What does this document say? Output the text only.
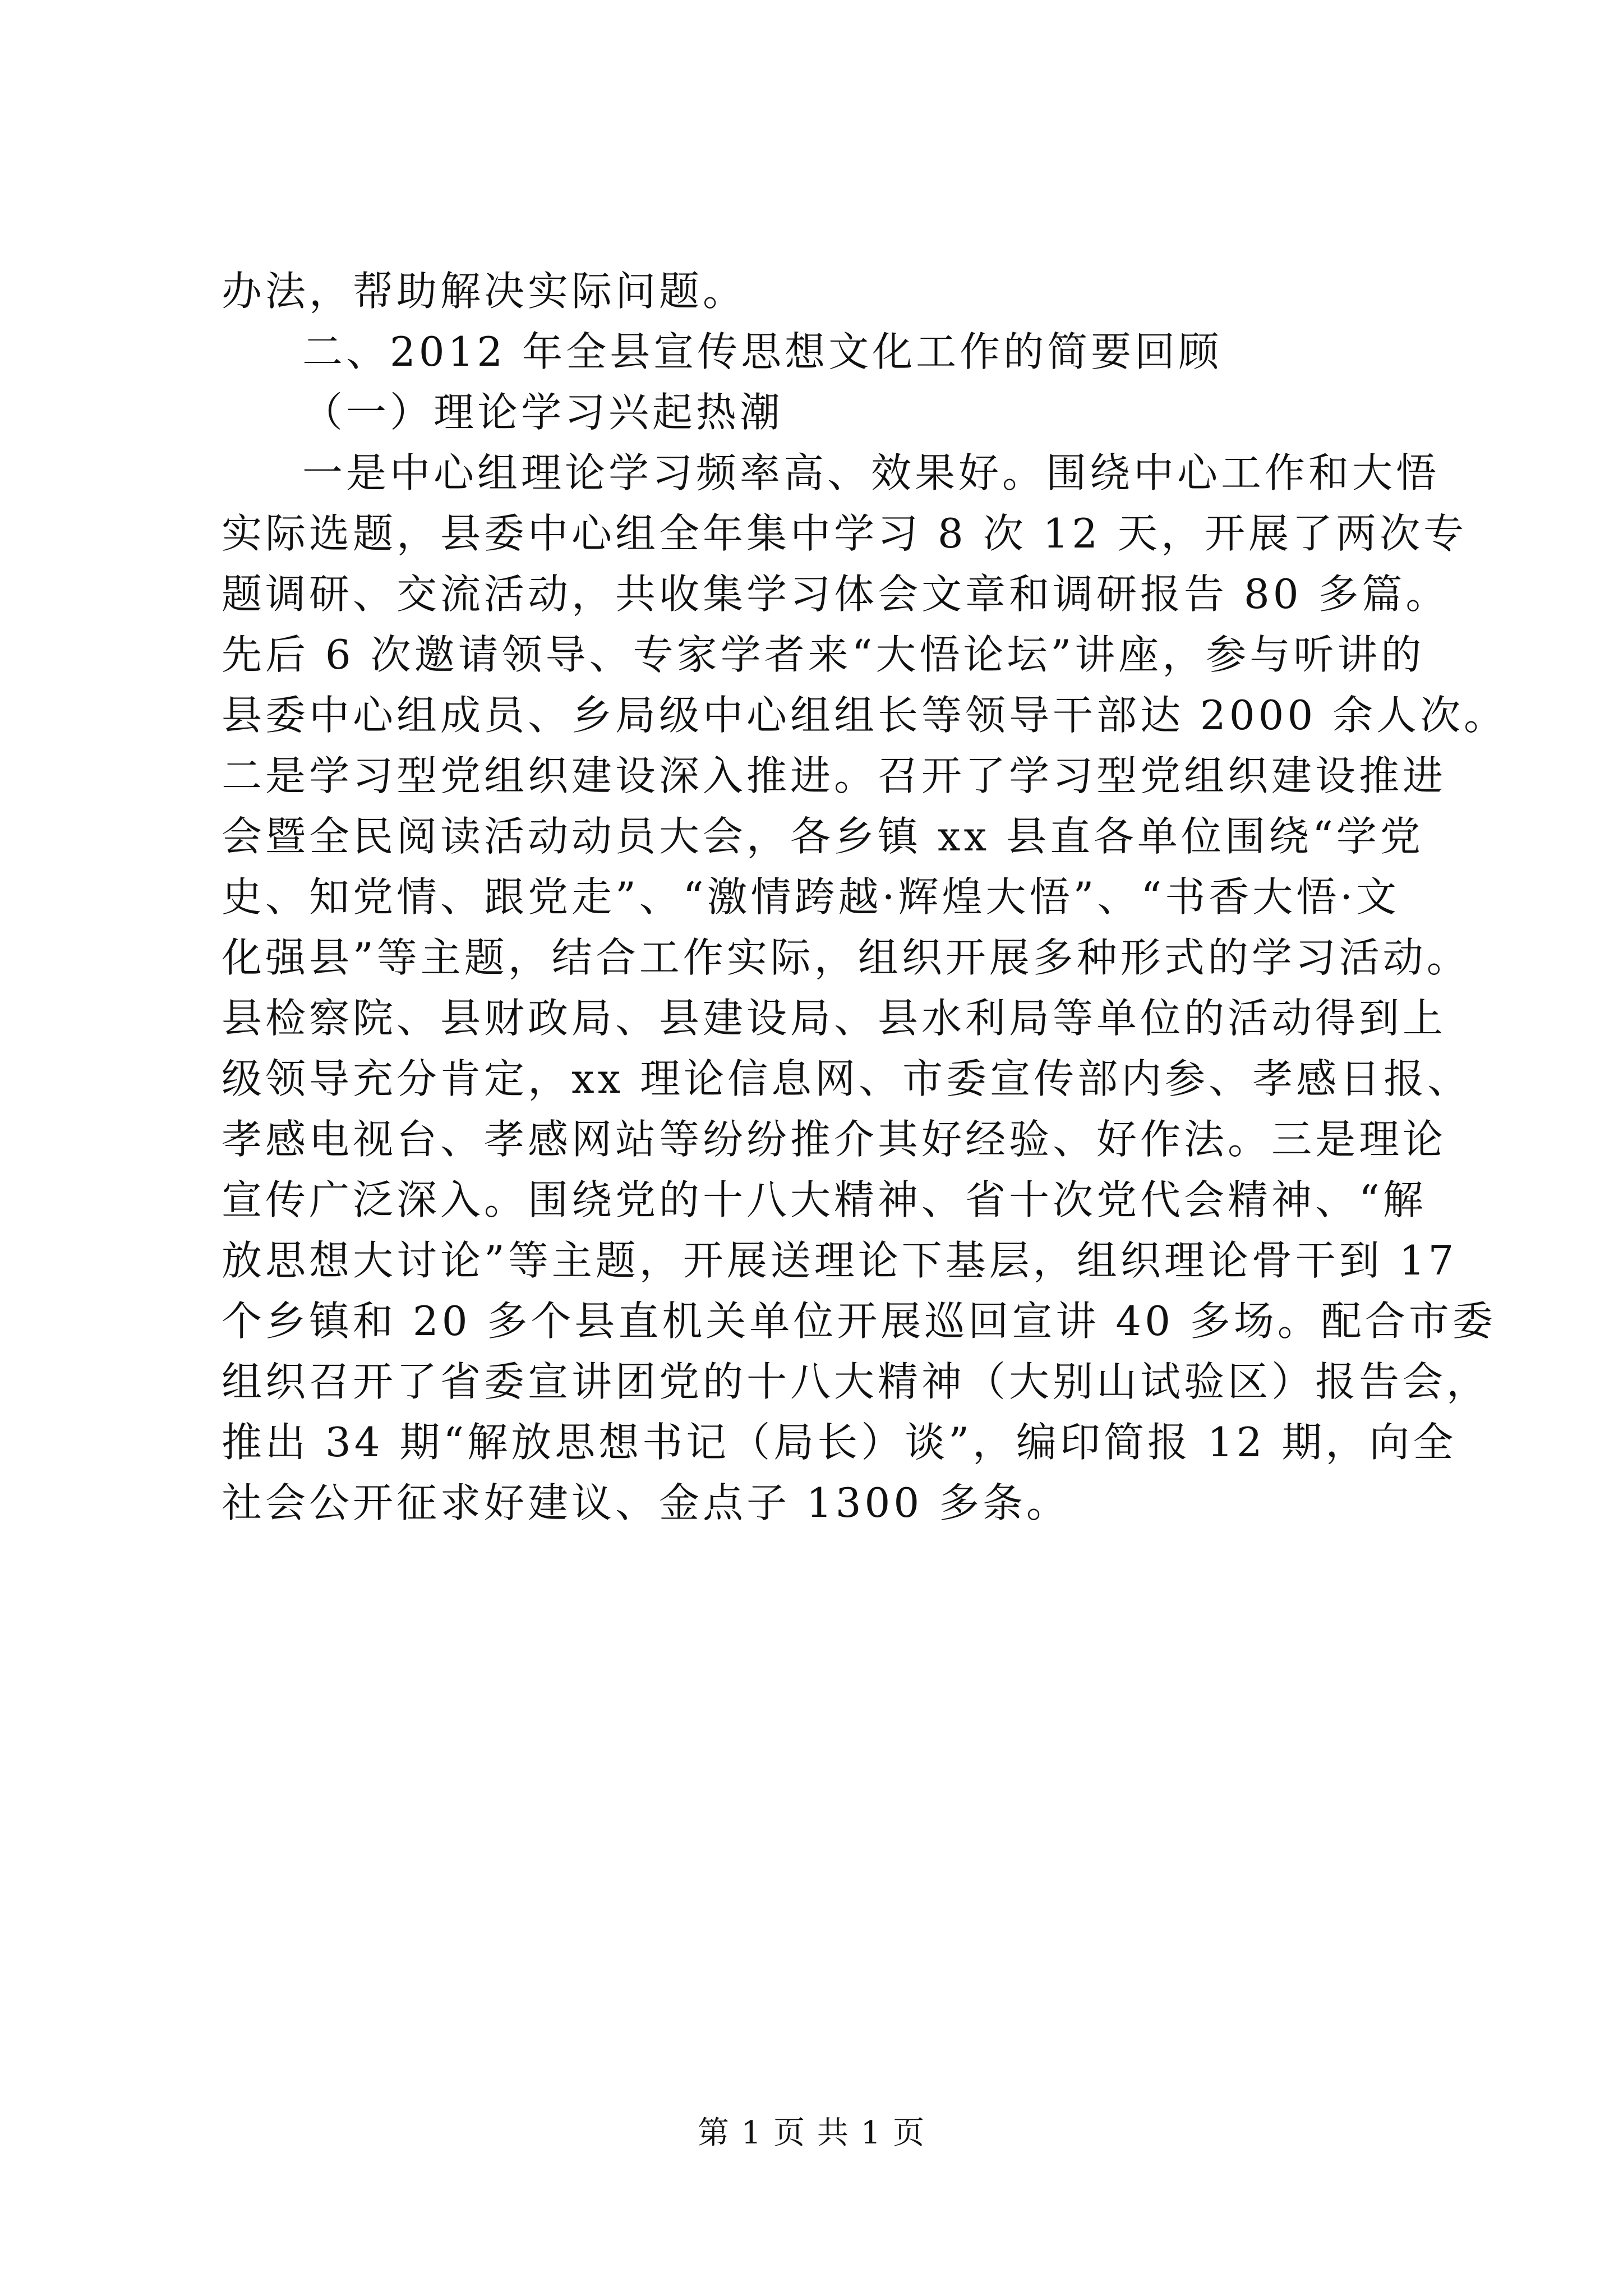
办法，帮助解决实际问题。
二、2012 年全县宣传思想文化工作的简要回顾
（一）理论学习兴起热潮
一是中心组理论学习频率高、效果好。围绕中心工作和大悟
实际选题，县委中心组全年集中学习 8 次 12 天，开展了两次专
题调研、交流活动，共收集学习体会文章和调研报告 80 多篇。
先后 6 次邀请领导、专家学者来“大悟论坛”讲座，参与听讲的
县委中心组成员、乡局级中心组组长等领导干部达 2000 余人次。
二是学习型党组织建设深入推进。召开了学习型党组织建设推进
会暨全民阅读活动动员大会，各乡镇 xx 县直各单位围绕“学党
史、知党情、跟党走”、“激情跨越·辉煌大悟”、“书香大悟·文
化强县”等主题，结合工作实际，组织开展多种形式的学习活动。
县检察院、县财政局、县建设局、县水利局等单位的活动得到上
级领导充分肯定，xx 理论信息网、市委宣传部内参、孝感日报、
孝感电视台、孝感网站等纷纷推介其好经验、好作法。三是理论
宣传广泛深入。围绕党的十八大精神、省十次党代会精神、“解
放思想大讨论”等主题，开展送理论下基层，组织理论骨干到 17
个乡镇和 20 多个县直机关单位开展巡回宣讲 40 多场。配合市委
组织召开了省委宣讲团党的十八大精神（大别山试验区）报告会，
推出 34 期“解放思想书记（局长）谈”，编印简报 12 期，向全
社会公开征求好建议、金点子 1300 多条。
第 1 页 共 1 页
